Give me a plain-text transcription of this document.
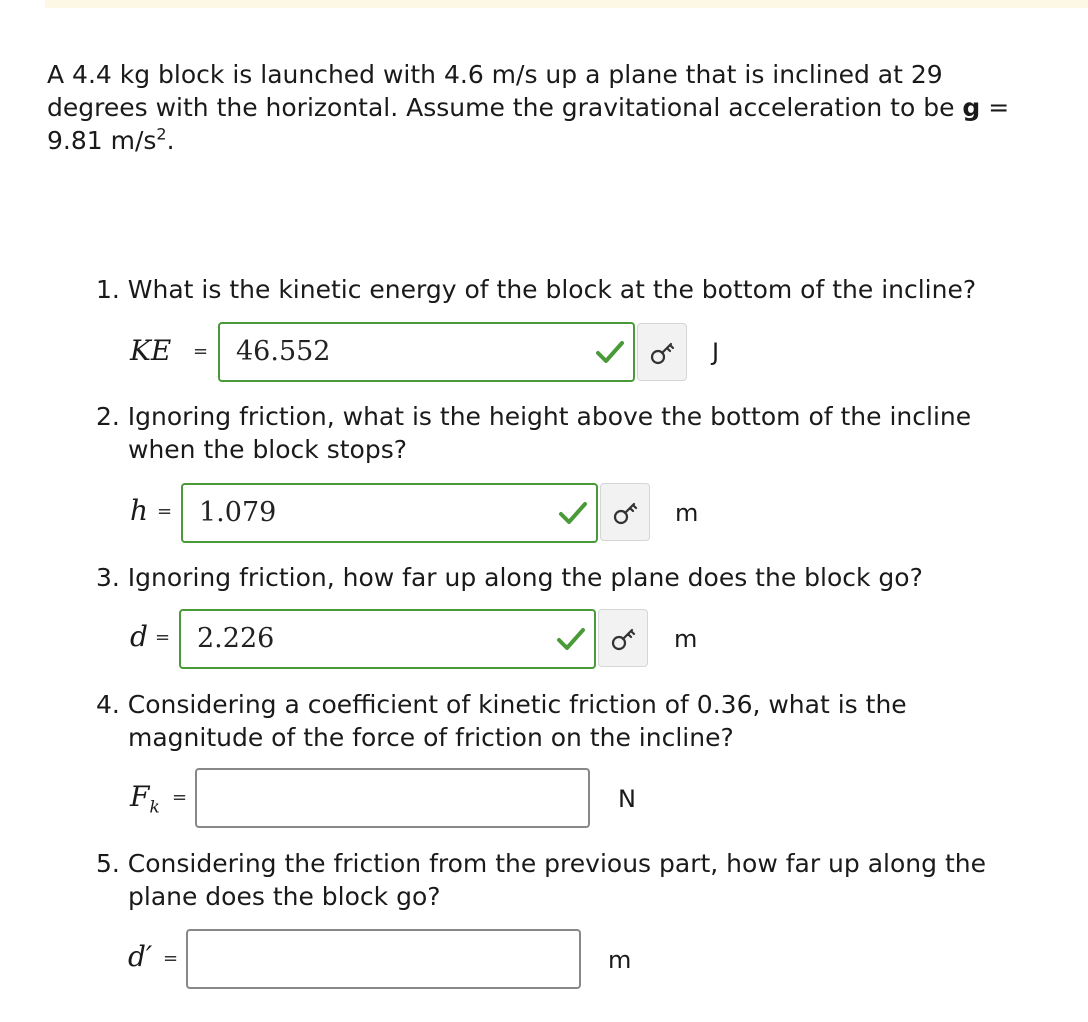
A 4.4 kg block is launched with 4.6 m/s up a plane that is inclined at 29 degrees with the horizontal. Assume the gravitational acceleration to be g = 9.81 $m/s^2$.
1. What is the kinetic energy of the block at the bottom of the incline?
KE = 46.552	J
2. Ignoring friction, what is the height above the bottom of the incline
when the block stops?
h = 1.079	m
3. Ignoring friction, how far up along the plane does the block go?
d = 2.226	m
4. Considering a coefficient of kinetic friction of 0.36, what is the
magnitude of the force of friction on the incline?
$F_k$ =	N
5. Considering the friction from the previous part, how far up along the
plane does the block go?
d′ =	m
